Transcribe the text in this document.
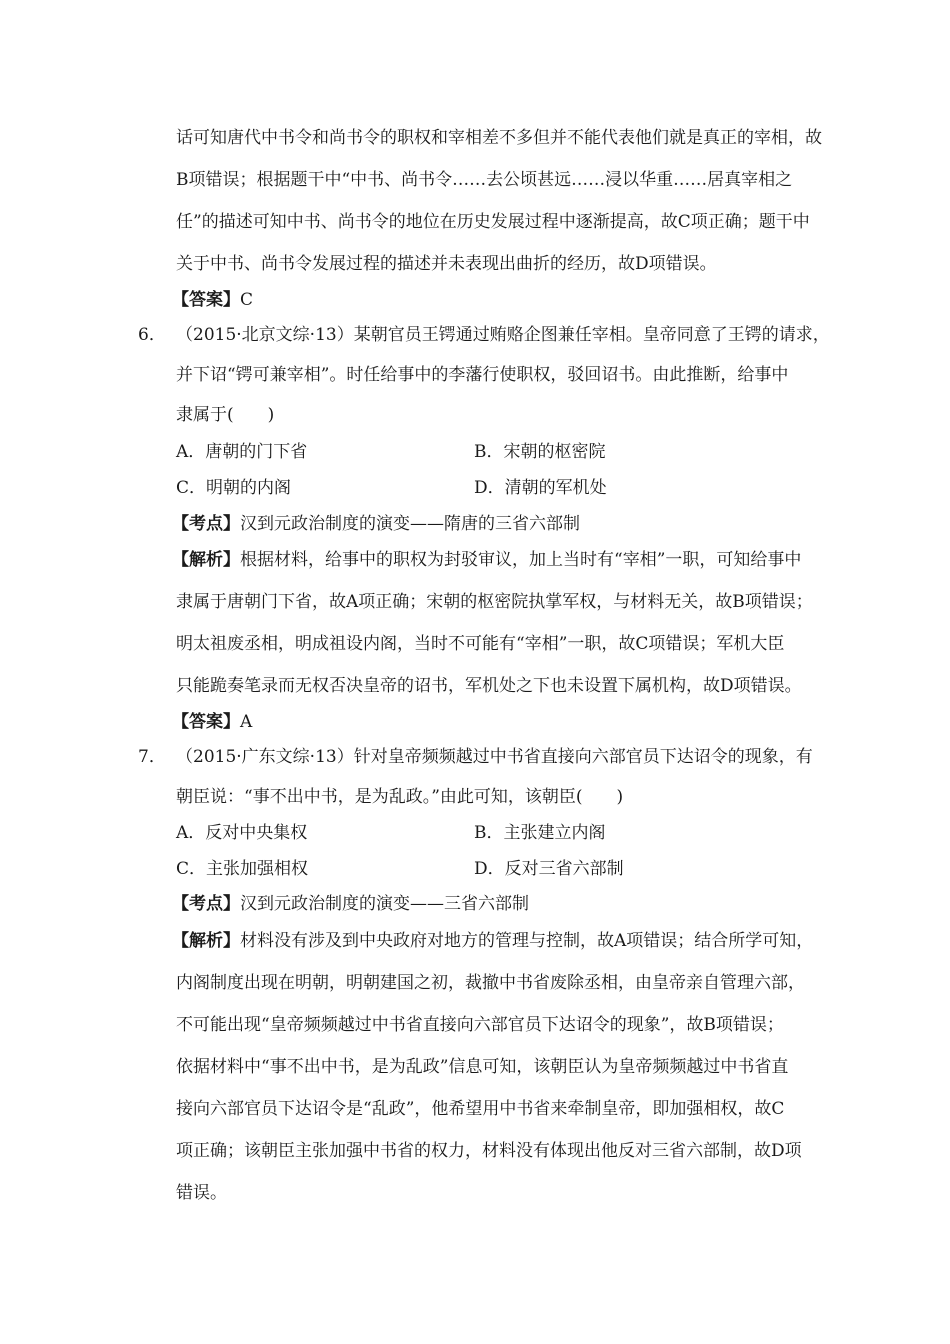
话可知唐代中书令和尚书令的职权和宰相差不多但并不能代表他们就是真正的宰相，故
B项错误；根据题干中“中书、尚书令……去公顷甚远……浸以华重……居真宰相之
任”的描述可知中书、尚书令的地位在历史发展过程中逐渐提高，故C项正确；题干中
关于中书、尚书令发展过程的描述并未表现出曲折的经历，故D项错误。
【答案】C
6． （2015·北京文综·13）某朝官员王锷通过贿赂企图兼任宰相。皇帝同意了王锷的请求，
并下诏“锷可兼宰相”。时任给事中的李藩行使职权，驳回诏书。由此推断，给事中
隶属于(　　)
A．唐朝的门下省	B．宋朝的枢密院
C．明朝的内阁	D．清朝的军机处
【考点】汉到元政治制度的演变——隋唐的三省六部制
【解析】根据材料，给事中的职权为封驳审议，加上当时有“宰相”一职，可知给事中
隶属于唐朝门下省，故A项正确；宋朝的枢密院执掌军权，与材料无关，故B项错误；
明太祖废丞相，明成祖设内阁，当时不可能有“宰相”一职，故C项错误；军机大臣
只能跪奏笔录而无权否决皇帝的诏书，军机处之下也未设置下属机构，故D项错误。
【答案】A
7． （2015·广东文综·13）针对皇帝频频越过中书省直接向六部官员下达诏令的现象，有
朝臣说：“事不出中书，是为乱政。”由此可知，该朝臣(　　)
A．反对中央集权	B．主张建立内阁
C．主张加强相权	D．反对三省六部制
【考点】汉到元政治制度的演变——三省六部制
【解析】材料没有涉及到中央政府对地方的管理与控制，故A项错误；结合所学可知，
内阁制度出现在明朝，明朝建国之初，裁撤中书省废除丞相，由皇帝亲自管理六部，
不可能出现“皇帝频频越过中书省直接向六部官员下达诏令的现象”，故B项错误；
依据材料中“事不出中书，是为乱政”信息可知，该朝臣认为皇帝频频越过中书省直
接向六部官员下达诏令是“乱政”，他希望用中书省来牵制皇帝，即加强相权，故C
项正确；该朝臣主张加强中书省的权力，材料没有体现出他反对三省六部制，故D项
错误。
